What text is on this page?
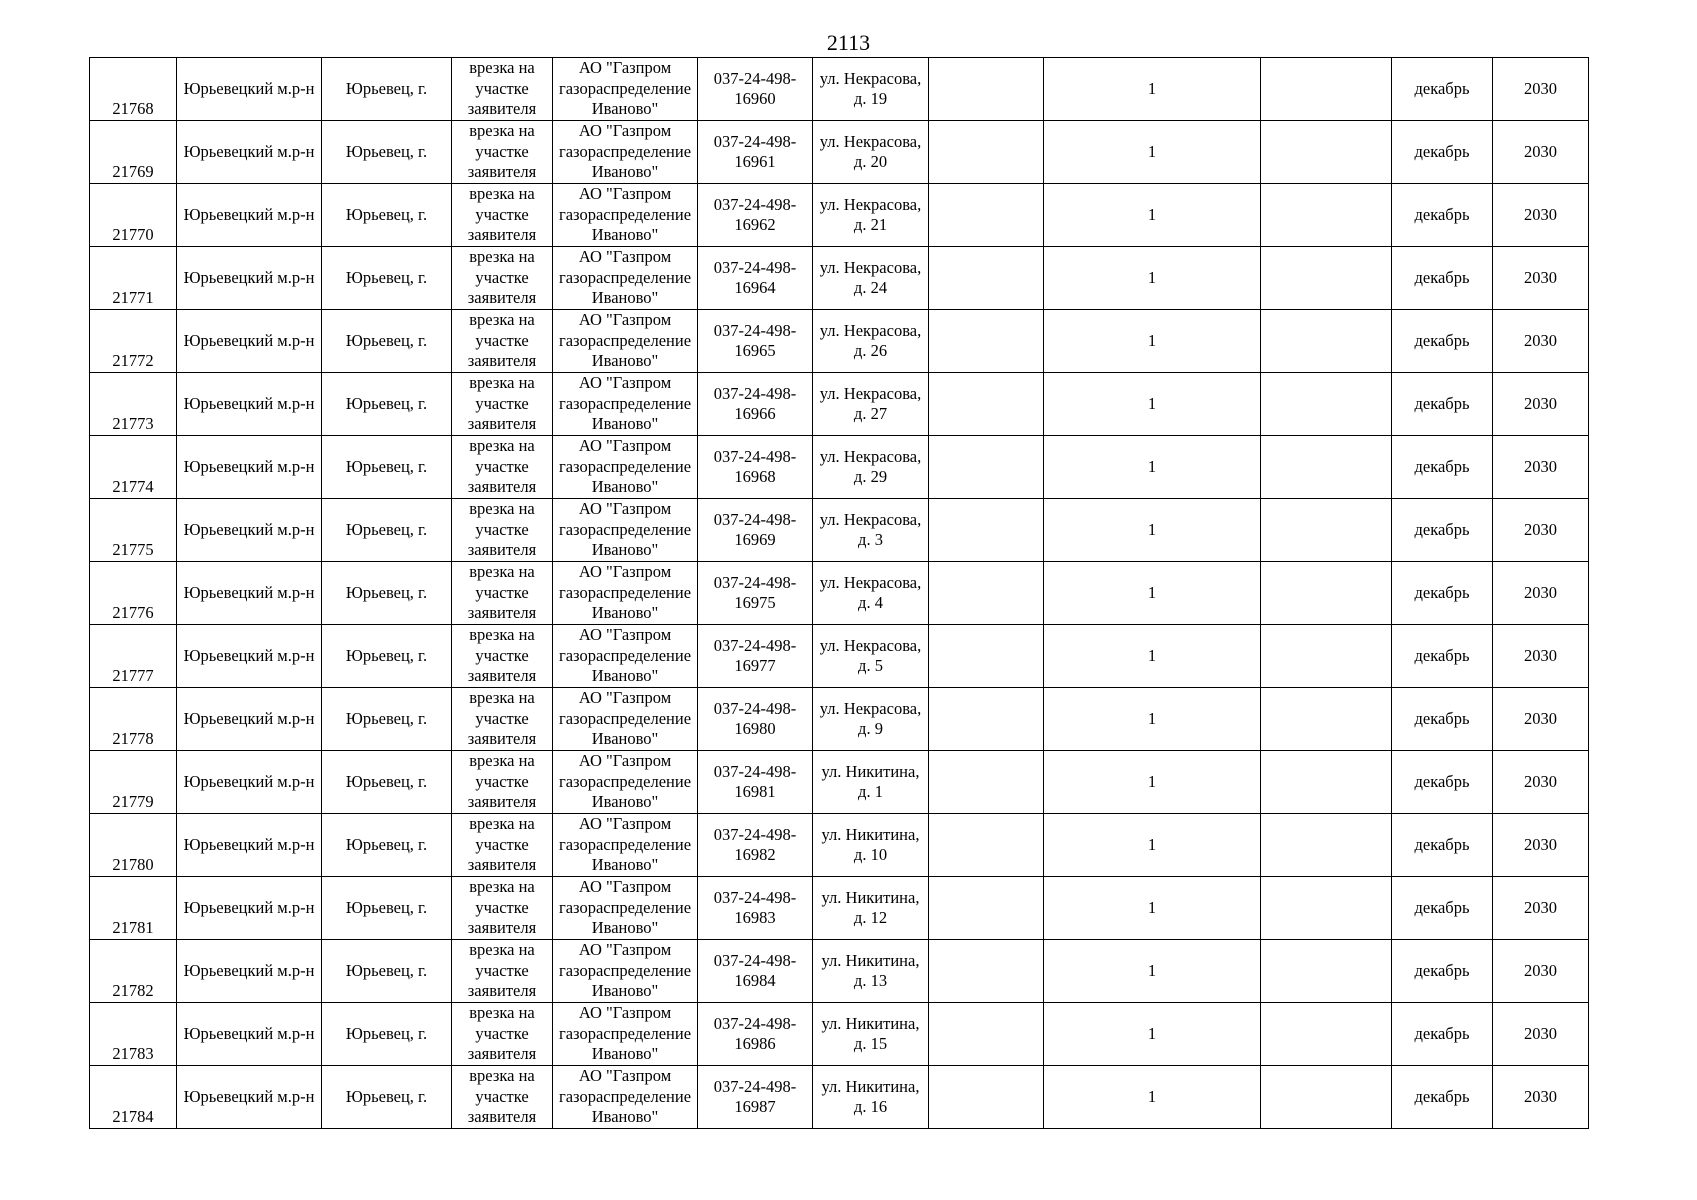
2113
21768	Юрьевецкий м.р-н	Юрьевец, г.	врезка на участке заявителя	АО "Газпром газораспределение Иваново"	037-24-498-16960	ул. Некрасова, д. 19		1		декабрь	2030
21769	Юрьевецкий м.р-н	Юрьевец, г.	врезка на участке заявителя	АО "Газпром газораспределение Иваново"	037-24-498-16961	ул. Некрасова, д. 20		1		декабрь	2030
21770	Юрьевецкий м.р-н	Юрьевец, г.	врезка на участке заявителя	АО "Газпром газораспределение Иваново"	037-24-498-16962	ул. Некрасова, д. 21		1		декабрь	2030
21771	Юрьевецкий м.р-н	Юрьевец, г.	врезка на участке заявителя	АО "Газпром газораспределение Иваново"	037-24-498-16964	ул. Некрасова, д. 24		1		декабрь	2030
21772	Юрьевецкий м.р-н	Юрьевец, г.	врезка на участке заявителя	АО "Газпром газораспределение Иваново"	037-24-498-16965	ул. Некрасова, д. 26		1		декабрь	2030
21773	Юрьевецкий м.р-н	Юрьевец, г.	врезка на участке заявителя	АО "Газпром газораспределение Иваново"	037-24-498-16966	ул. Некрасова, д. 27		1		декабрь	2030
21774	Юрьевецкий м.р-н	Юрьевец, г.	врезка на участке заявителя	АО "Газпром газораспределение Иваново"	037-24-498-16968	ул. Некрасова, д. 29		1		декабрь	2030
21775	Юрьевецкий м.р-н	Юрьевец, г.	врезка на участке заявителя	АО "Газпром газораспределение Иваново"	037-24-498-16969	ул. Некрасова, д. 3		1		декабрь	2030
21776	Юрьевецкий м.р-н	Юрьевец, г.	врезка на участке заявителя	АО "Газпром газораспределение Иваново"	037-24-498-16975	ул. Некрасова, д. 4		1		декабрь	2030
21777	Юрьевецкий м.р-н	Юрьевец, г.	врезка на участке заявителя	АО "Газпром газораспределение Иваново"	037-24-498-16977	ул. Некрасова, д. 5		1		декабрь	2030
21778	Юрьевецкий м.р-н	Юрьевец, г.	врезка на участке заявителя	АО "Газпром газораспределение Иваново"	037-24-498-16980	ул. Некрасова, д. 9		1		декабрь	2030
21779	Юрьевецкий м.р-н	Юрьевец, г.	врезка на участке заявителя	АО "Газпром газораспределение Иваново"	037-24-498-16981	ул. Никитина, д. 1		1		декабрь	2030
21780	Юрьевецкий м.р-н	Юрьевец, г.	врезка на участке заявителя	АО "Газпром газораспределение Иваново"	037-24-498-16982	ул. Никитина, д. 10		1		декабрь	2030
21781	Юрьевецкий м.р-н	Юрьевец, г.	врезка на участке заявителя	АО "Газпром газораспределение Иваново"	037-24-498-16983	ул. Никитина, д. 12		1		декабрь	2030
21782	Юрьевецкий м.р-н	Юрьевец, г.	врезка на участке заявителя	АО "Газпром газораспределение Иваново"	037-24-498-16984	ул. Никитина, д. 13		1		декабрь	2030
21783	Юрьевецкий м.р-н	Юрьевец, г.	врезка на участке заявителя	АО "Газпром газораспределение Иваново"	037-24-498-16986	ул. Никитина, д. 15		1		декабрь	2030
21784	Юрьевецкий м.р-н	Юрьевец, г.	врезка на участке заявителя	АО "Газпром газораспределение Иваново"	037-24-498-16987	ул. Никитина, д. 16		1		декабрь	2030
